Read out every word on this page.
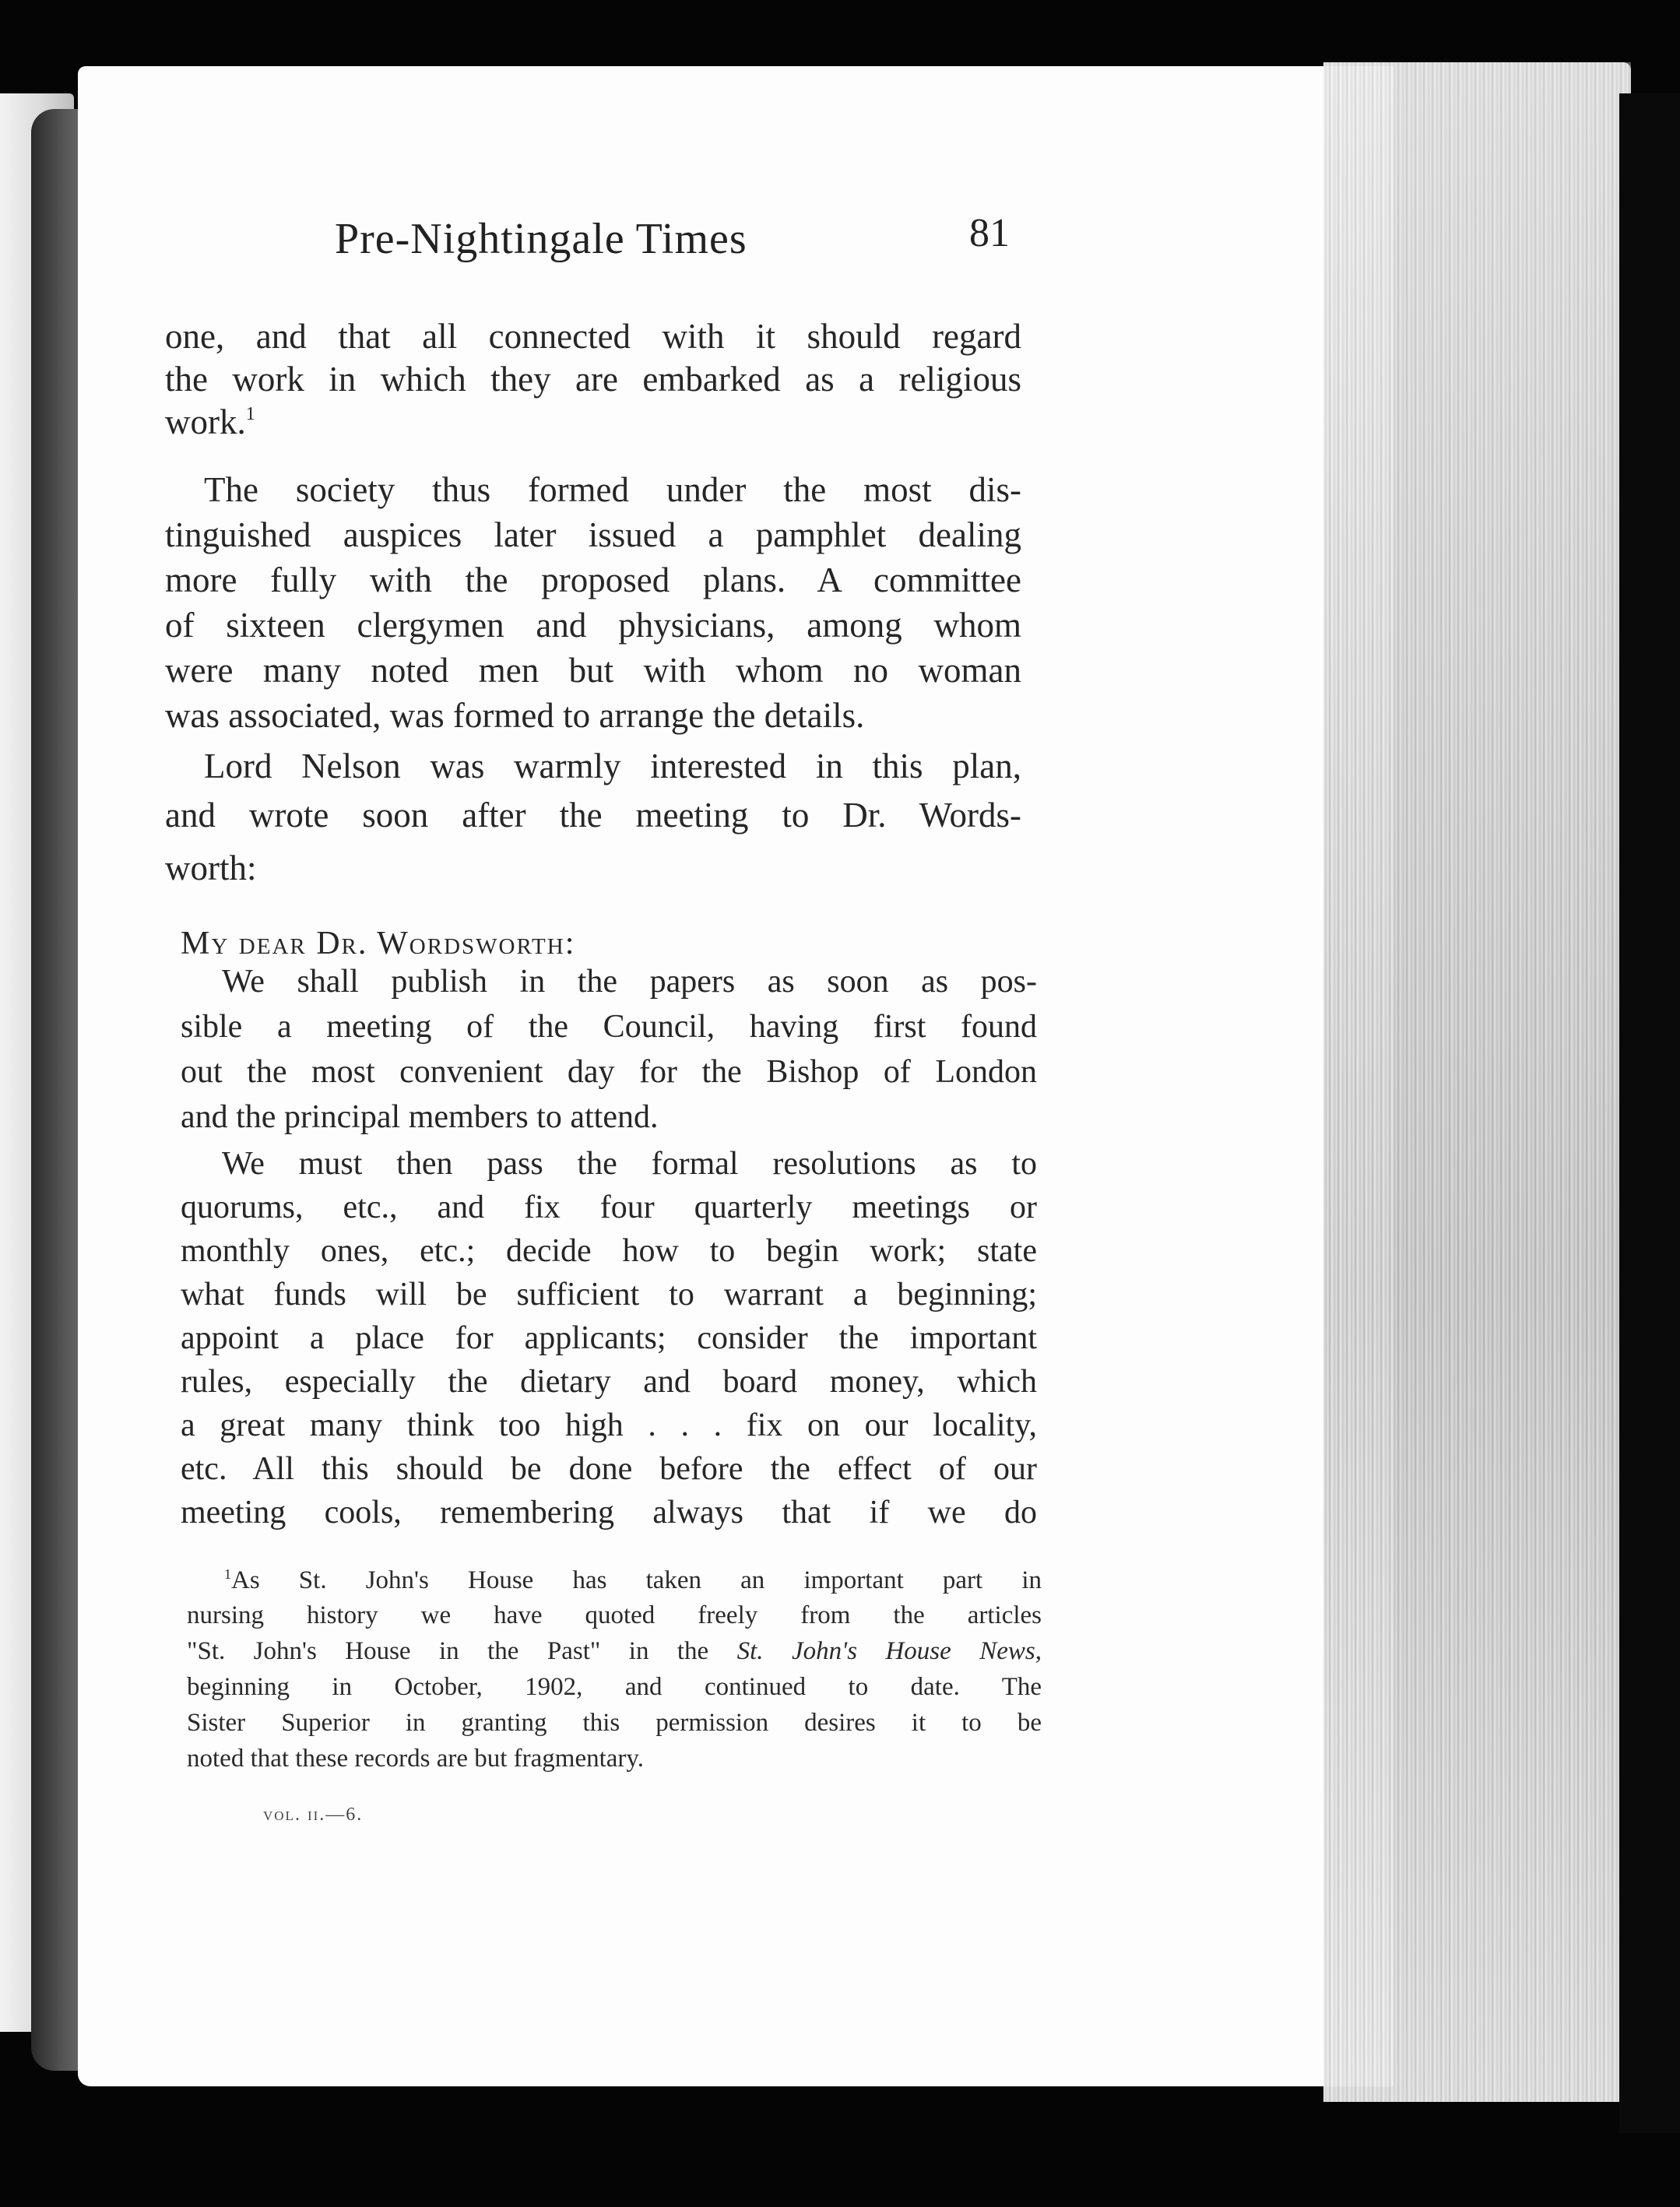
Pre-Nightingale Times	81
one, and that all connected with it should regard
the work in which they are embarked as a religious
work.$^1$
The society thus formed under the most dis-
tinguished auspices later issued a pamphlet dealing
more fully with the proposed plans. A committee
of sixteen clergymen and physicians, among whom
were many noted men but with whom no woman
was associated, was formed to arrange the details.
Lord Nelson was warmly interested in this plan,
and wrote soon after the meeting to Dr. Words-
worth:
My dear Dr. Wordsworth:
We shall publish in the papers as soon as pos-
sible a meeting of the Council, having first found
out the most convenient day for the Bishop of London
and the principal members to attend.
We must then pass the formal resolutions as to
quorums, etc., and fix four quarterly meetings or
monthly ones, etc.; decide how to begin work; state
what funds will be sufficient to warrant a beginning;
appoint a place for applicants; consider the important
rules, especially the dietary and board money, which
a great many think too high . . . fix on our locality,
etc. All this should be done before the effect of our
meeting cools, remembering always that if we do
$^1$As St. John's House has taken an important part in
nursing history we have quoted freely from the articles
"St. John's House in the Past" in the St. John's House News,
beginning in October, 1902, and continued to date. The
Sister Superior in granting this permission desires it to be
noted that these records are but fragmentary.
vol. ii.—6.
